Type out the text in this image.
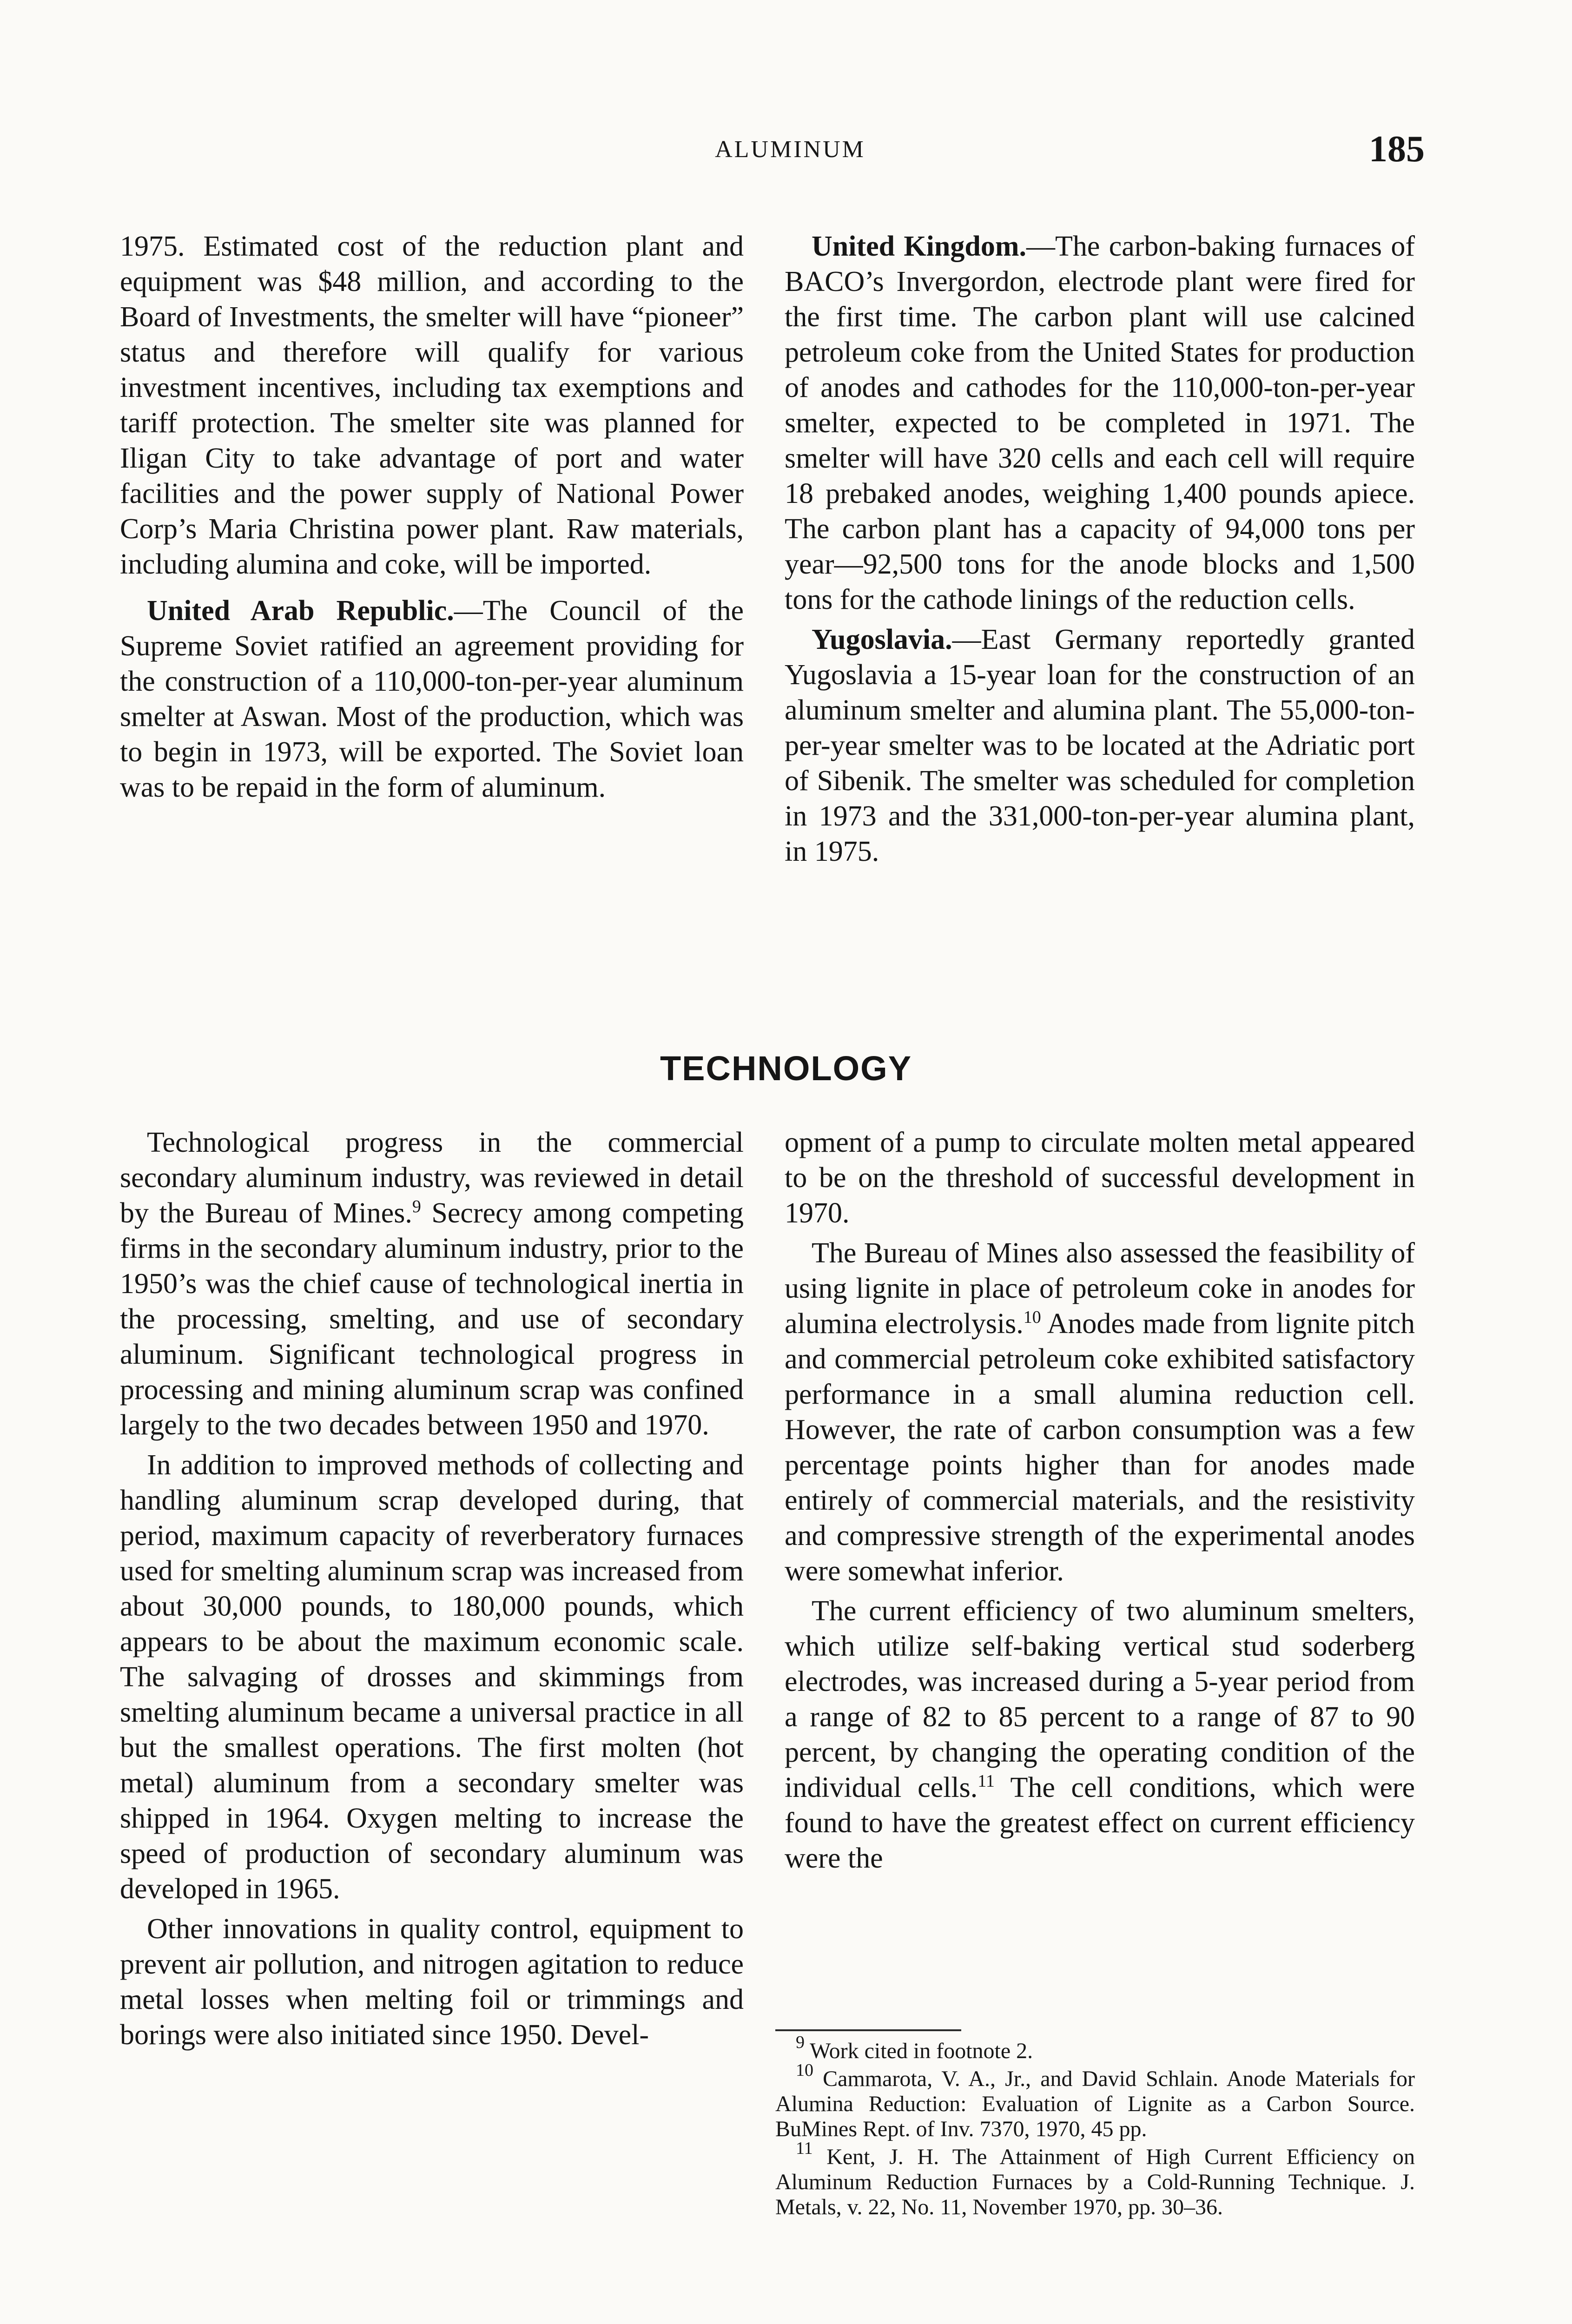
ALUMINUM	185

1975. Estimated cost of the reduction plant and equipment was $48 million, and according to the Board of Investments, the smelter will have “pioneer” status and therefore will qualify for various investment incentives, including tax exemptions and tariff protection. The smelter site was planned for Iligan City to take advantage of port and water facilities and the power supply of National Power Corp’s Maria Christina power plant. Raw materials, including alumina and coke, will be imported.

United Arab Republic.—The Council of the Supreme Soviet ratified an agreement providing for the construction of a 110,000-ton-per-year aluminum smelter at Aswan. Most of the production, which was to begin in 1973, will be exported. The Soviet loan was to be repaid in the form of aluminum.

United Kingdom.—The carbon-baking furnaces of BACO’s Invergordon, electrode plant were fired for the first time. The carbon plant will use calcined petroleum coke from the United States for production of anodes and cathodes for the 110,000-ton-per-year smelter, expected to be completed in 1971. The smelter will have 320 cells and each cell will require 18 prebaked anodes, weighing 1,400 pounds apiece. The carbon plant has a capacity of 94,000 tons per year—92,500 tons for the anode blocks and 1,500 tons for the cathode linings of the reduction cells.

Yugoslavia.—East Germany reportedly granted Yugoslavia a 15-year loan for the construction of an aluminum smelter and alumina plant. The 55,000-ton-per-year smelter was to be located at the Adriatic port of Sibenik. The smelter was scheduled for completion in 1973 and the 331,000-ton-per-year alumina plant, in 1975.

TECHNOLOGY

Technological progress in the commercial secondary aluminum industry, was reviewed in detail by the Bureau of Mines.$^9$ Secrecy among competing firms in the secondary aluminum industry, prior to the 1950’s was the chief cause of technological inertia in the processing, smelting, and use of secondary aluminum. Significant technological progress in processing and mining aluminum scrap was confined largely to the two decades between 1950 and 1970.

In addition to improved methods of collecting and handling aluminum scrap developed during, that period, maximum capacity of reverberatory furnaces used for smelting aluminum scrap was increased from about 30,000 pounds, to 180,000 pounds, which appears to be about the maximum economic scale. The salvaging of drosses and skimmings from smelting aluminum became a universal practice in all but the smallest operations. The first molten (hot metal) aluminum from a secondary smelter was shipped in 1964. Oxygen melting to increase the speed of production of secondary aluminum was developed in 1965.

Other innovations in quality control, equipment to prevent air pollution, and nitrogen agitation to reduce metal losses when melting foil or trimmings and borings were also initiated since 1950. Devel-

opment of a pump to circulate molten metal appeared to be on the threshold of successful development in 1970.

The Bureau of Mines also assessed the feasibility of using lignite in place of petroleum coke in anodes for alumina electrolysis.$^{10}$ Anodes made from lignite pitch and commercial petroleum coke exhibited satisfactory performance in a small alumina reduction cell. However, the rate of carbon consumption was a few percentage points higher than for anodes made entirely of commercial materials, and the resistivity and compressive strength of the experimental anodes were somewhat inferior.

The current efficiency of two aluminum smelters, which utilize self-baking vertical stud soderberg electrodes, was increased during a 5-year period from a range of 82 to 85 percent to a range of 87 to 90 percent, by changing the operating condition of the individual cells.$^{11}$ The cell conditions, which were found to have the greatest effect on current efficiency were the

$^9$ Work cited in footnote 2.

$^{10}$ Cammarota, V. A., Jr., and David Schlain. Anode Materials for Alumina Reduction: Evaluation of Lignite as a Carbon Source. BuMines Rept. of Inv. 7370, 1970, 45 pp.

$^{11}$ Kent, J. H. The Attainment of High Current Efficiency on Aluminum Reduction Furnaces by a Cold-Running Technique. J. Metals, v. 22, No. 11, November 1970, pp. 30–36.
